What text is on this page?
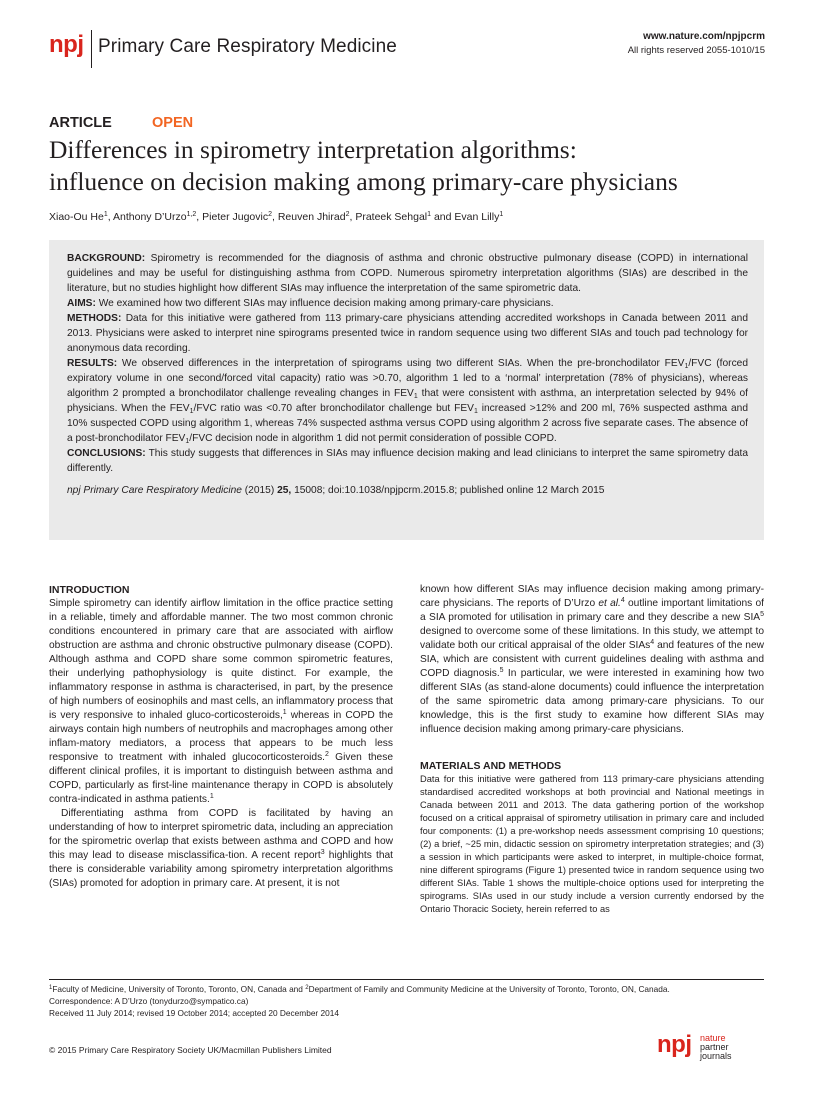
npj Primary Care Respiratory Medicine	www.nature.com/npjpcrm
All rights reserved 2055-1010/15
ARTICLE	OPEN
Differences in spirometry interpretation algorithms:
influence on decision making among primary-care physicians
Xiao-Ou He$^1$, Anthony D’Urzo$^{1,2}$, Pieter Jugovic$^2$, Reuven Jhirad$^2$, Prateek Sehgal$^1$ and Evan Lilly$^1$

BACKGROUND: Spirometry is recommended for the diagnosis of asthma and chronic obstructive pulmonary disease (COPD) in international guidelines and may be useful for distinguishing asthma from COPD. Numerous spirometry interpretation algorithms (SIAs) are described in the literature, but no studies highlight how different SIAs may influence the interpretation of the same spirometric data.

AIMS: We examined how two different SIAs may influence decision making among primary-care physicians.

METHODS: Data for this initiative were gathered from 113 primary-care physicians attending accredited workshops in Canada between 2011 and 2013. Physicians were asked to interpret nine spirograms presented twice in random sequence using two different SIAs and touch pad technology for anonymous data recording.

RESULTS: We observed differences in the interpretation of spirograms using two different SIAs. When the pre-bronchodilator $FEV_1$/FVC (forced expiratory volume in one second/forced vital capacity) ratio was >0.70, algorithm 1 led to a ‘normal’ interpretation (78% of physicians), whereas algorithm 2 prompted a bronchodilator challenge revealing changes in $FEV_1$ that were consistent with asthma, an interpretation selected by 94% of physicians. When the $FEV_1$/FVC ratio was <0.70 after bronchodilator challenge but $FEV_1$ increased >12% and 200 ml, 76% suspected asthma and 10% suspected COPD using algorithm 1, whereas 74% suspected asthma versus COPD using algorithm 2 across five separate cases. The absence of a post-bronchodilator $FEV_1$/FVC decision node in algorithm 1 did not permit consideration of possible COPD.

CONCLUSIONS: This study suggests that differences in SIAs may influence decision making and lead clinicians to interpret the same spirometry data differently.

npj Primary Care Respiratory Medicine (2015) 25, 15008; doi:10.1038/npjpcrm.2015.8; published online 12 March 2015

INTRODUCTION

Simple spirometry can identify airflow limitation in the office practice setting in a reliable, timely and affordable manner. The two most common chronic conditions encountered in primary care that are associated with airflow obstruction are asthma and chronic obstructive pulmonary disease (COPD). Although asthma and COPD share some common spirometric features, their underlying pathophysiology is quite distinct. For example, the inflammatory response in asthma is characterised, in part, by the presence of high numbers of eosinophils and mast cells, an inflammatory process that is very responsive to inhaled gluco-corticosteroids,$^1$ whereas in COPD the airways contain high numbers of neutrophils and macrophages among other inflam-matory mediators, a process that appears to be much less responsive to treatment with inhaled glucocorticosteroids.$^2$ Given these different clinical profiles, it is important to distinguish between asthma and COPD, particularly as first-line maintenance therapy in COPD is absolutely contra-indicated in asthma patients.$^1$

Differentiating asthma from COPD is facilitated by having an understanding of how to interpret spirometric data, including an appreciation for the spirometric overlap that exists between asthma and COPD and how this may lead to disease misclassifica-tion. A recent report$^3$ highlights that there is considerable variability among spirometry interpretation algorithms (SIAs) promoted for adoption in primary care. At present, it is not

known how different SIAs may influence decision making among primary-care physicians. The reports of D’Urzo et al.$^4$ outline important limitations of a SIA promoted for utilisation in primary care and they describe a new SIA$^5$ designed to overcome some of these limitations. In this study, we attempt to validate both our critical appraisal of the older SIAs$^4$ and features of the new SIA, which are consistent with current guidelines dealing with asthma and COPD diagnosis.$^5$ In particular, we were interested in examining how two different SIAs (as stand-alone documents) could influence the interpretation of the same spirometric data among primary-care physicians. To our knowledge, this is the first study to examine how different SIAs may influence decision making among primary-care physicians.

MATERIALS AND METHODS

Data for this initiative were gathered from 113 primary-care physicians attending standardised accredited workshops at both provincial and National meetings in Canada between 2011 and 2013. The data gathering portion of the workshop focused on a critical appraisal of spirometry utilisation in primary care and included four components: (1) a pre-workshop needs assessment comprising 10 questions; (2) a brief, ~25 min, didactic session on spirometry interpretation strategies; and (3) a session in which participants were asked to interpret, in multiple-choice format, nine different spirograms (Figure 1) presented twice in random sequence using two different SIAs. Table 1 shows the multiple-choice options used for interpreting the spirograms. SIAs used in our study include a version currently endorsed by the Ontario Thoracic Society, herein referred to as

$^1$Faculty of Medicine, University of Toronto, Toronto, ON, Canada and $^2$Department of Family and Community Medicine at the University of Toronto, Toronto, ON, Canada.

Correspondence: A D’Urzo (tonydurzo@sympatico.ca)

Received 11 July 2014; revised 19 October 2014; accepted 20 December 2014

© 2015 Primary Care Respiratory Society UK/Macmillan Publishers Limited	npj nature
partner
journals
